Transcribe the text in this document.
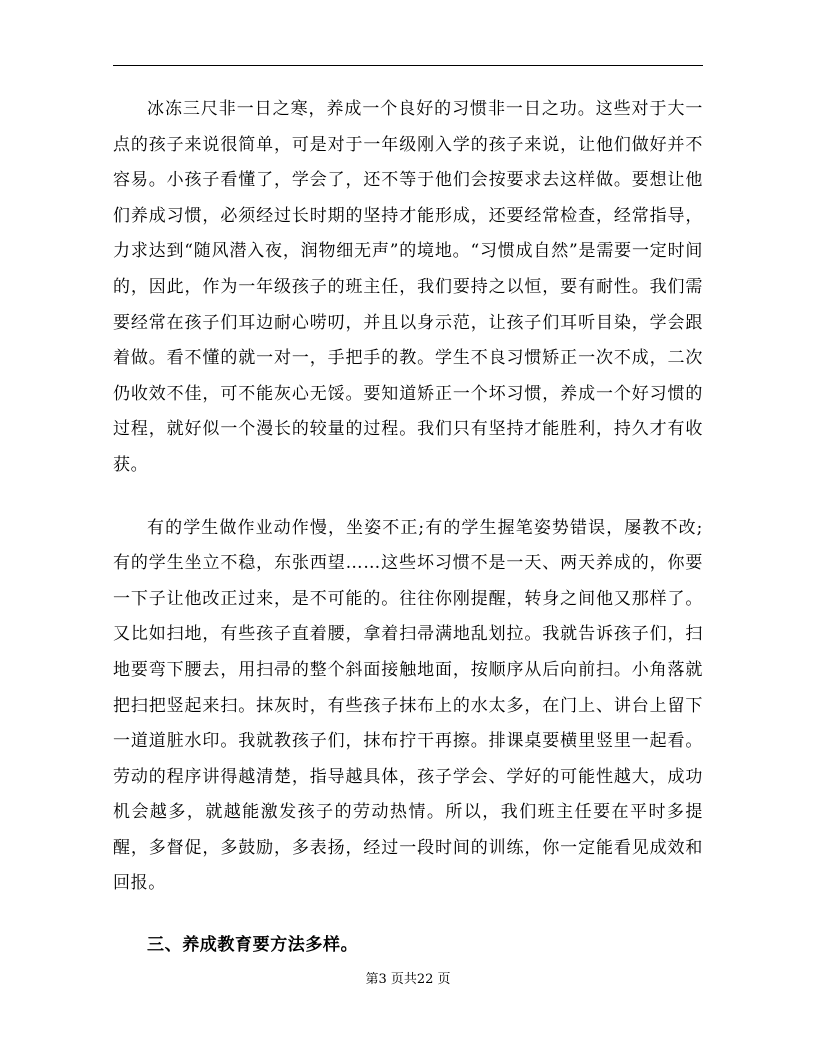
冰冻三尺非一日之寒，养成一个良好的习惯非一日之功。这些对于大一点的孩子来说很简单，可是对于一年级刚入学的孩子来说，让他们做好并不容易。小孩子看懂了，学会了，还不等于他们会按要求去这样做。要想让他们养成习惯，必须经过长时期的坚持才能形成，还要经常检查，经常指导，力求达到“随风潜入夜，润物细无声”的境地。“习惯成自然”是需要一定时间的，因此，作为一年级孩子的班主任，我们要持之以恒，要有耐性。我们需要经常在孩子们耳边耐心唠叨，并且以身示范，让孩子们耳听目染，学会跟着做。看不懂的就一对一，手把手的教。学生不良习惯矫正一次不成，二次仍收效不佳，可不能灰心无馁。要知道矫正一个坏习惯，养成一个好习惯的过程，就好似一个漫长的较量的过程。我们只有坚持才能胜利，持久才有收获。

有的学生做作业动作慢，坐姿不正;有的学生握笔姿势错误，屡教不改;有的学生坐立不稳，东张西望……这些坏习惯不是一天、两天养成的，你要一下子让他改正过来，是不可能的。往往你刚提醒，转身之间他又那样了。又比如扫地，有些孩子直着腰，拿着扫帚满地乱划拉。我就告诉孩子们，扫地要弯下腰去，用扫帚的整个斜面接触地面，按顺序从后向前扫。小角落就把扫把竖起来扫。抹灰时，有些孩子抹布上的水太多，在门上、讲台上留下一道道脏水印。我就教孩子们，抹布拧干再擦。排课桌要横里竖里一起看。劳动的程序讲得越清楚，指导越具体，孩子学会、学好的可能性越大，成功机会越多，就越能激发孩子的劳动热情。所以，我们班主任要在平时多提醒，多督促，多鼓励，多表扬，经过一段时间的训练，你一定能看见成效和回报。

三、养成教育要方法多样。

第3 页共22 页
